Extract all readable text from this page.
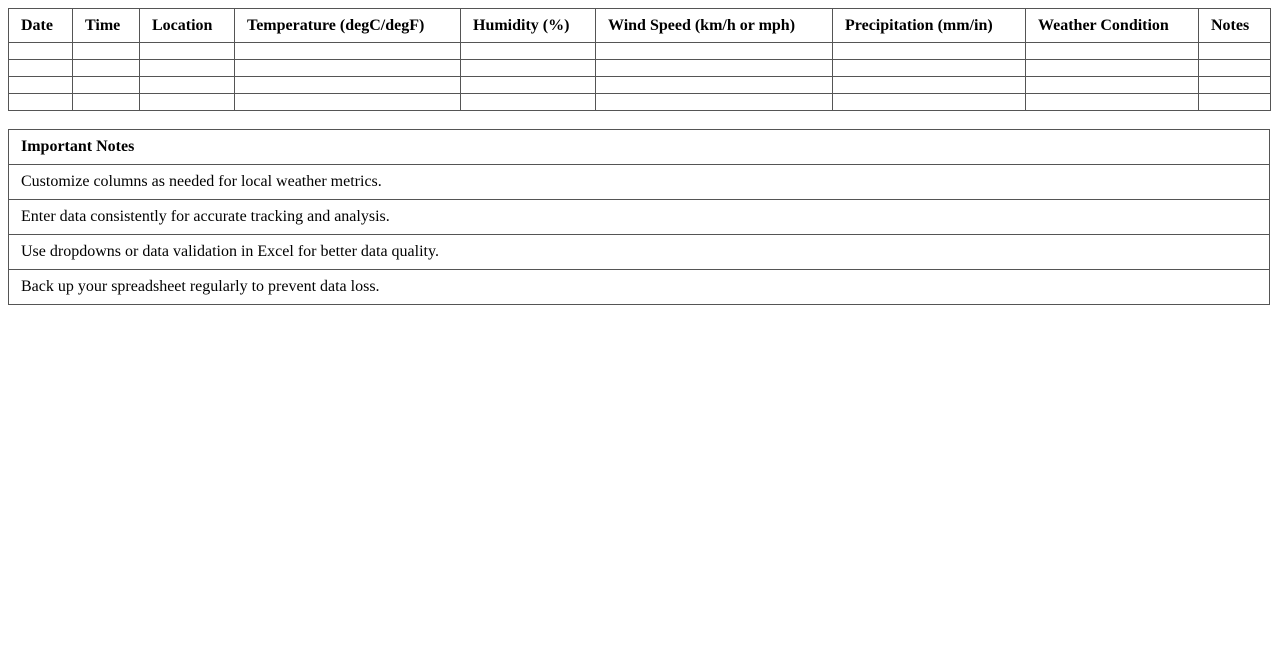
Date	Time	Location	Temperature (degC/degF)	Humidity (%)	Wind Speed (km/h or mph)	Precipitation (mm/in)	Weather Condition	Notes

Important Notes
Customize columns as needed for local weather metrics.
Enter data consistently for accurate tracking and analysis.
Use dropdowns or data validation in Excel for better data quality.
Back up your spreadsheet regularly to prevent data loss.
